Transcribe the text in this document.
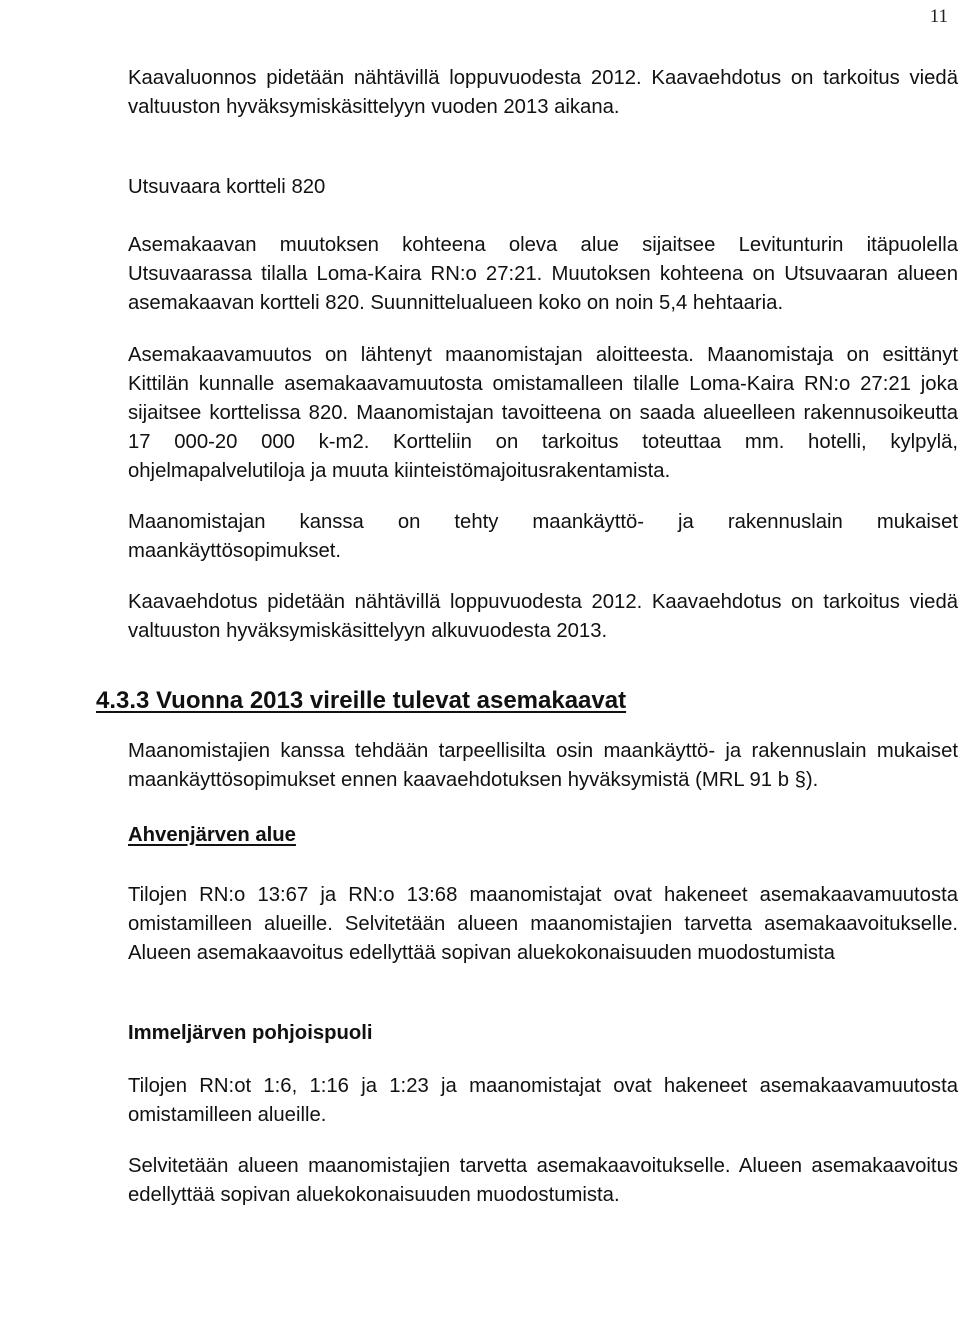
11

Kaavaluonnos pidetään nähtävillä loppuvuodesta 2012. Kaavaehdotus on tarkoitus viedä valtuuston hyväksymiskäsittelyyn vuoden 2013 aikana.

Utsuvaara kortteli 820

Asemakaavan muutoksen kohteena oleva alue sijaitsee Levitunturin itäpuolella Utsuvaarassa tilalla Loma-Kaira RN:o 27:21. Muutoksen kohteena on Utsuvaaran alueen asemakaavan kortteli 820. Suunnittelualueen koko on noin 5,4 hehtaaria.

Asemakaavamuutos on lähtenyt maanomistajan aloitteesta. Maanomistaja on esittänyt Kittilän kunnalle asemakaavamuutosta omistamalleen tilalle Loma-Kaira RN:o 27:21 joka sijaitsee korttelissa 820. Maanomistajan tavoitteena on saada alueelleen rakennusoikeutta 17 000-20 000 k-m2. Kortteliin on tarkoitus toteuttaa mm. hotelli, kylpylä, ohjelmapalvelutiloja ja muuta kiinteistömajoitusrakentamista.

Maanomistajan kanssa on tehty maankäyttö- ja rakennuslain mukaiset maankäyttösopimukset.

Kaavaehdotus pidetään nähtävillä loppuvuodesta 2012. Kaavaehdotus on tarkoitus viedä valtuuston hyväksymiskäsittelyyn alkuvuodesta 2013.

4.3.3 Vuonna 2013 vireille tulevat asemakaavat

Maanomistajien kanssa tehdään tarpeellisilta osin maankäyttö- ja rakennuslain mukaiset maankäyttösopimukset ennen kaavaehdotuksen hyväksymistä (MRL 91 b §).

Ahvenjärven alue

Tilojen RN:o 13:67 ja RN:o 13:68 maanomistajat ovat hakeneet asemakaavamuutosta omistamilleen alueille. Selvitetään alueen maanomistajien tarvetta asemakaavoitukselle. Alueen asemakaavoitus edellyttää sopivan aluekokonaisuuden muodostumista

Immeljärven pohjoispuoli

Tilojen RN:ot 1:6, 1:16 ja 1:23 ja maanomistajat ovat hakeneet asemakaavamuutosta omistamilleen alueille.

Selvitetään alueen maanomistajien tarvetta asemakaavoitukselle. Alueen asemakaavoitus edellyttää sopivan aluekokonaisuuden muodostumista.
